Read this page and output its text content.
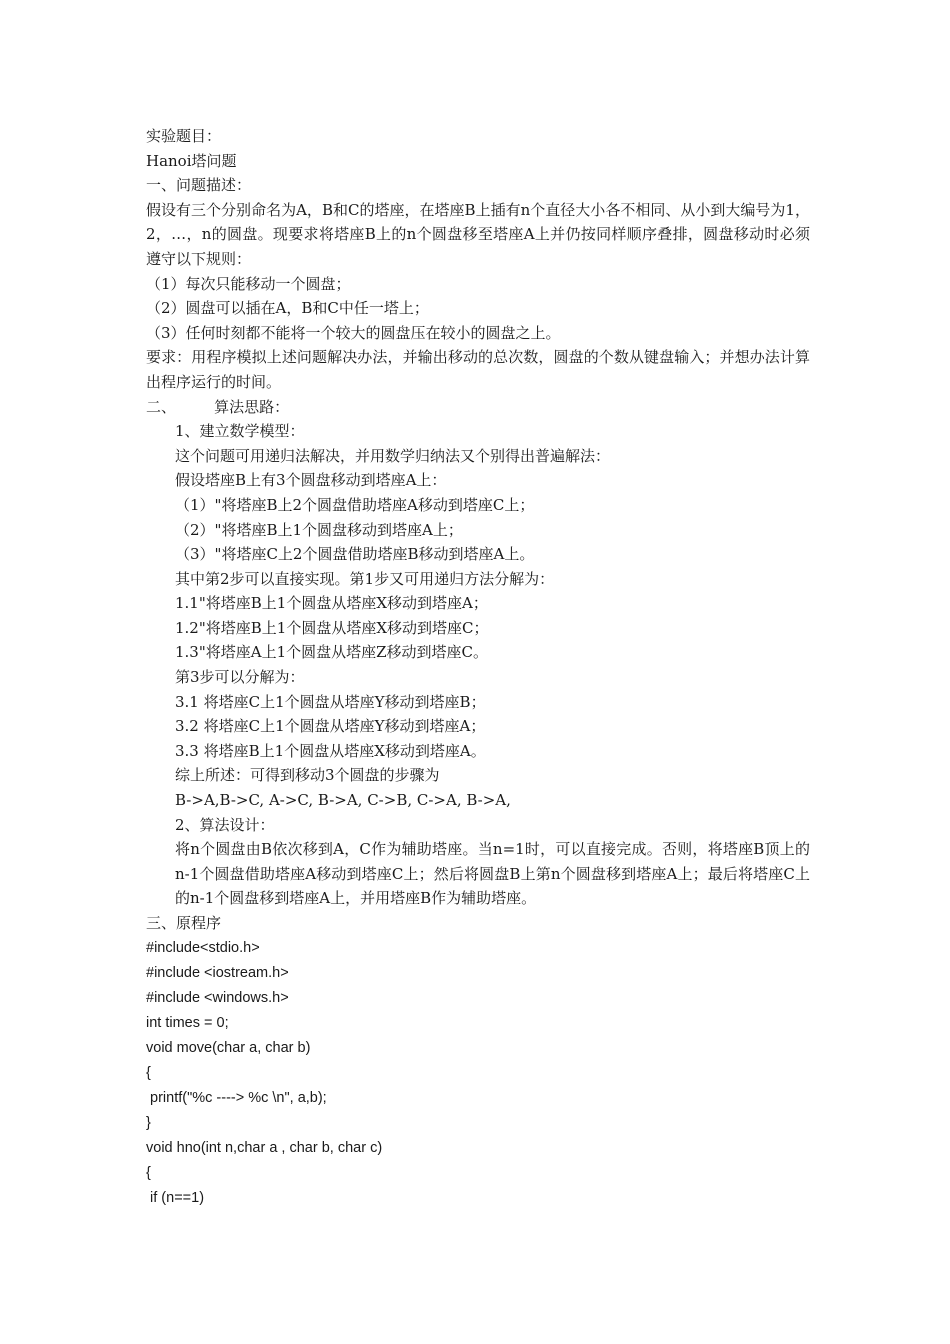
实验题目：

Hanoi塔问题

一、问题描述：

假设有三个分别命名为A，B和C的塔座，在塔座B上插有n个直径大小各不相同、从小到大编号为1，2，…，n的圆盘。现要求将塔座B上的n个圆盘移至塔座A上并仍按同样顺序叠排，圆盘移动时必须遵守以下规则：

（1）每次只能移动一个圆盘；

（2）圆盘可以插在A，B和C中任一塔上；

（3）任何时刻都不能将一个较大的圆盘压在较小的圆盘之上。

要求：用程序模拟上述问题解决办法，并输出移动的总次数，圆盘的个数从键盘输入；并想办法计算出程序运行的时间。

二、        算法思路：

1、建立数学模型：

这个问题可用递归法解决，并用数学归纳法又个别得出普遍解法：

假设塔座B上有3个圆盘移动到塔座A上：

（1）"将塔座B上2个圆盘借助塔座A移动到塔座C上；

（2）"将塔座B上1个圆盘移动到塔座A上；

（3）"将塔座C上2个圆盘借助塔座B移动到塔座A上。

其中第2步可以直接实现。第1步又可用递归方法分解为：

1.1"将塔座B上1个圆盘从塔座X移动到塔座A；

1.2"将塔座B上1个圆盘从塔座X移动到塔座C；

1.3"将塔座A上1个圆盘从塔座Z移动到塔座C。

第3步可以分解为：

3.1 将塔座C上1个圆盘从塔座Y移动到塔座B；

3.2 将塔座C上1个圆盘从塔座Y移动到塔座A；

3.3 将塔座B上1个圆盘从塔座X移动到塔座A。

综上所述：可得到移动3个圆盘的步骤为

B->A,B->C, A->C, B->A, C->B, C->A, B->A,

2、算法设计：

将n个圆盘由B依次移到A，C作为辅助塔座。当n=1时，可以直接完成。否则，将塔座B顶上的n-1个圆盘借助塔座A移动到塔座C上；然后将圆盘B上第n个圆盘移到塔座A上；最后将塔座C上的n-1个圆盘移到塔座A上，并用塔座B作为辅助塔座。

三、原程序

#include<stdio.h>
#include <iostream.h>
#include <windows.h>
int times = 0;
void move(char a, char b)
{
printf("%c ----> %c \n", a,b);
}
void hno(int n,char a , char b, char c)
{
if (n==1)
